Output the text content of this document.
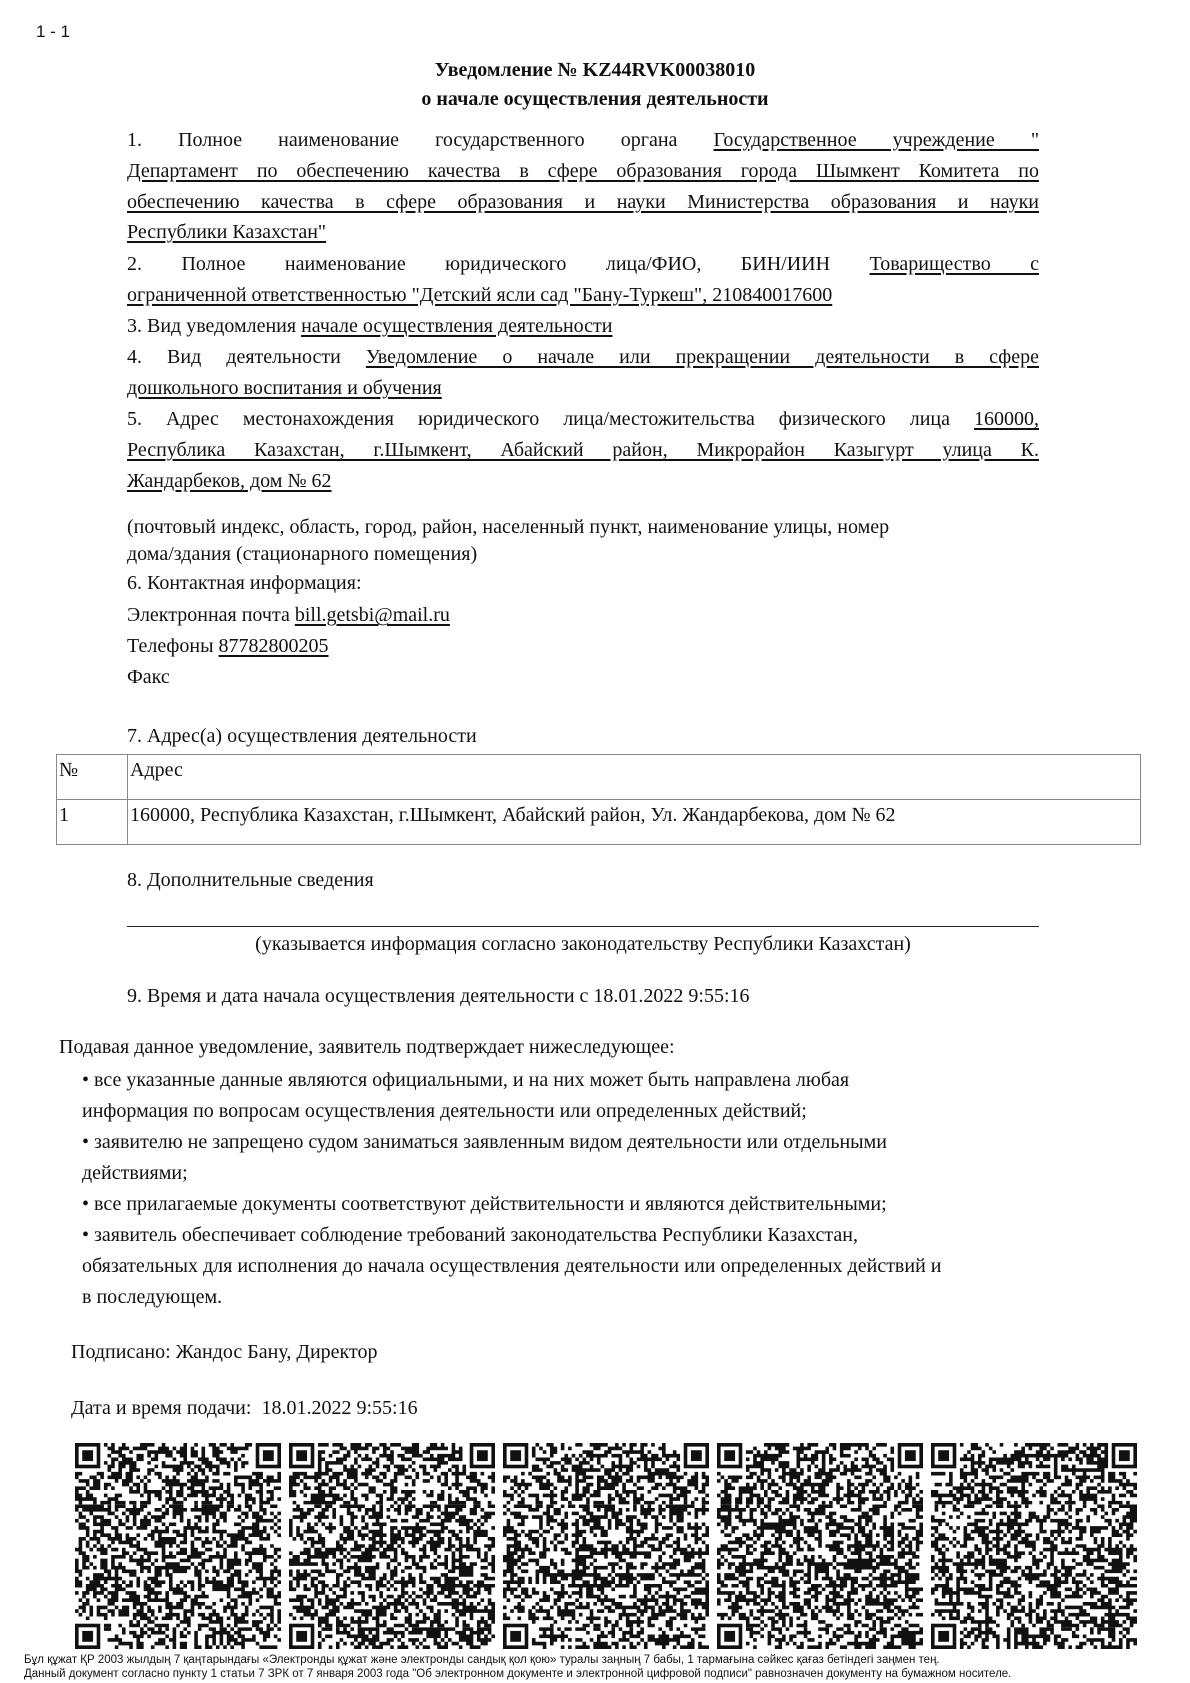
1 - 1
Уведомление № KZ44RVK00038010
о начале осуществления деятельности
1. Полное наименование государственного органа Государственное учреждение "
Департамент по обеспечению качества в сфере образования города Шымкент Комитета по
обеспечению качества в сфере образования и науки Министерства образования и науки
Республики Казахстан"
2. Полное наименование юридического лица/ФИО, БИН/ИИН Товарищество с
ограниченной ответственностью "Детский ясли сад "Бану-Туркеш", 210840017600
3. Вид уведомления начале осуществления деятельности
4. Вид деятельности Уведомление о начале или прекращении деятельности в сфере
дошкольного воспитания и обучения
5. Адрес местонахождения юридического лица/местожительства физического лица 160000,
Республика Казахстан, г.Шымкент, Абайский район, Микрорайон Казыгурт улица К.
Жандарбеков, дом № 62
(почтовый индекс, область, город, район, населенный пункт, наименование улицы, номер
дома/здания (стационарного помещения)
6. Контактная информация:
Электронная почта bill.getsbi@mail.ru
Телефоны 87782800205
Факс
7. Адрес(а) осуществления деятельности
№	Адрес
1	160000, Республика Казахстан, г.Шымкент, Абайский район, Ул. Жандарбекова, дом № 62
8. Дополнительные сведения
(указывается информация согласно законодательству Республики Казахстан)
9. Время и дата начала осуществления деятельности с 18.01.2022 9:55:16
Подавая данное уведомление, заявитель подтверждает нижеследующее:
• все указанные данные являются официальными, и на них может быть направлена любая
информация по вопросам осуществления деятельности или определенных действий;
• заявителю не запрещено судом заниматься заявленным видом деятельности или отдельными
действиями;
• все прилагаемые документы соответствуют действительности и являются действительными;
• заявитель обеспечивает соблюдение требований законодательства Республики Казахстан,
обязательных для исполнения до начала осуществления деятельности или определенных действий и
в последующем.
Подписано: Жандос Бану, Директор
Дата и время подачи: 18.01.2022 9:55:16
Бұл құжат ҚР 2003 жылдың 7 қаңтарындағы «Электронды құжат және электронды сандық қол қою» туралы заңның 7 бабы, 1 тармағына сәйкес қағаз бетіндегі заңмен тең.
Данный документ согласно пункту 1 статьи 7 ЗРК от 7 января 2003 года "Об электронном документе и электронной цифровой подписи" равнозначен документу на бумажном носителе.
